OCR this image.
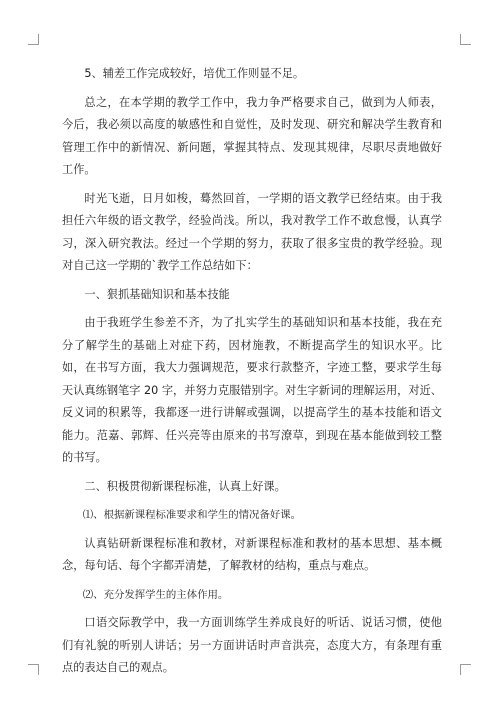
5、辅差工作完成较好，培优工作则显不足。

总之，在本学期的教学工作中，我力争严格要求自己，做到为人师表，今后，我必须以高度的敏感性和自觉性，及时发现、研究和解决学生教育和管理工作中的新情况、新问题，掌握其特点、发现其规律，尽职尽责地做好工作。

时光飞逝，日月如梭，蓦然回首，一学期的语文教学已经结束。由于我担任六年级的语文教学，经验尚浅。所以，我对教学工作不敢怠慢，认真学习，深入研究教法。经过一个学期的努力，获取了很多宝贵的教学经验。现对自己这一学期的`教学工作总结如下：

一、狠抓基础知识和基本技能

由于我班学生参差不齐，为了扎实学生的基础知识和基本技能，我在充分了解学生的基础上对症下药，因材施教，不断提高学生的知识水平。比如，在书写方面，我大力强调规范，要求行款整齐，字迹工整，要求学生每天认真练钢笔字 20 字，并努力克服错别字。对生字新词的理解运用，对近、反义词的积累等，我都逐一进行讲解或强调，以提高学生的基本技能和语文能力。范嘉、郭辉、任兴亮等由原来的书写潦草，到现在基本能做到较工整的书写。

二、积极贯彻新课程标准，认真上好课。

⑴、根据新课程标准要求和学生的情况备好课。

认真钻研新课程标准和教材，对新课程标准和教材的基本思想、基本概念，每句话、每个字都弄清楚，了解教材的结构，重点与难点。

⑵、充分发挥学生的主体作用。

口语交际教学中，我一方面训练学生养成良好的听话、说话习惯，使他们有礼貌的听别人讲话；另一方面讲话时声音洪亮，态度大方，有条理有重点的表达自己的观点。
